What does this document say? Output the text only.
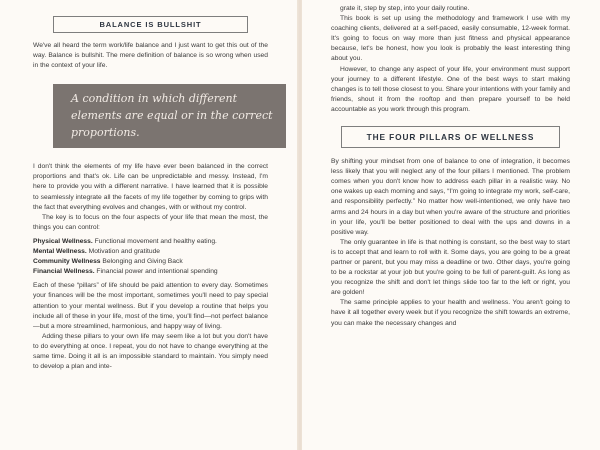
BALANCE IS BULLSHIT

We've all heard the term work/life balance and I just want to get this out of the way. Balance is bullshit. The mere definition of balance is so wrong when used in the context of your life.

A condition in which different elements are equal or in the correct proportions.

I don't think the elements of my life have ever been balanced in the correct proportions and that's ok. Life can be unpredictable and messy. Instead, I'm here to provide you with a different narrative. I have learned that it is possible to seamlessly integrate all the facets of my life together by coming to grips with the fact that everything evolves and changes, with or without my control.

The key is to focus on the four aspects of your life that mean the most, the things you can control:

Physical Wellness. Functional movement and healthy eating.

Mental Wellness. Motivation and gratitude

Community Wellness Belonging and Giving Back

Financial Wellness. Financial power and intentional spending

Each of these “pillars” of life should be paid attention to every day. Sometimes your finances will be the most important, sometimes you'll need to pay special attention to your mental wellness. But if you develop a routine that helps you include all of these in your life, most of the time, you'll find—not perfect balance—but a more streamlined, harmonious, and happy way of living.

Adding these pillars to your own life may seem like a lot but you don't have to do everything at once. I repeat, you do not have to change everything at the same time. Doing it all is an impossible standard to maintain. You simply need to develop a plan and inte-

grate it, step by step, into your daily routine.

This book is set up using the methodology and framework I use with my coaching clients, delivered at a self-paced, easily consumable, 12-week format. It's going to focus on way more than just fitness and physical appearance because, let's be honest, how you look is probably the least interesting thing about you.

However, to change any aspect of your life, your environment must support your journey to a different lifestyle. One of the best ways to start making changes is to tell those closest to you. Share your intentions with your family and friends, shout it from the rooftop and then prepare yourself to be held accountable as you work through this program.

THE FOUR PILLARS OF WELLNESS

By shifting your mindset from one of balance to one of integration, it becomes less likely that you will neglect any of the four pillars I mentioned. The problem comes when you don't know how to address each pillar in a realistic way. No one wakes up each morning and says, “I'm going to integrate my work, self-care, and responsibility perfectly.” No matter how well-intentioned, we only have two arms and 24 hours in a day but when you're aware of the structure and priorities in your life, you'll be better positioned to deal with the ups and downs in a positive way.

The only guarantee in life is that nothing is constant, so the best way to start is to accept that and learn to roll with it. Some days, you are going to be a great partner or parent, but you may miss a deadline or two. Other days, you're going to be a rockstar at your job but you're going to be full of parent-guilt. As long as you recognize the shift and don't let things slide too far to the left or right, you are golden!

The same principle applies to your health and wellness. You aren't going to have it all together every week but if you recognize the shift towards an extreme, you can make the necessary changes and
